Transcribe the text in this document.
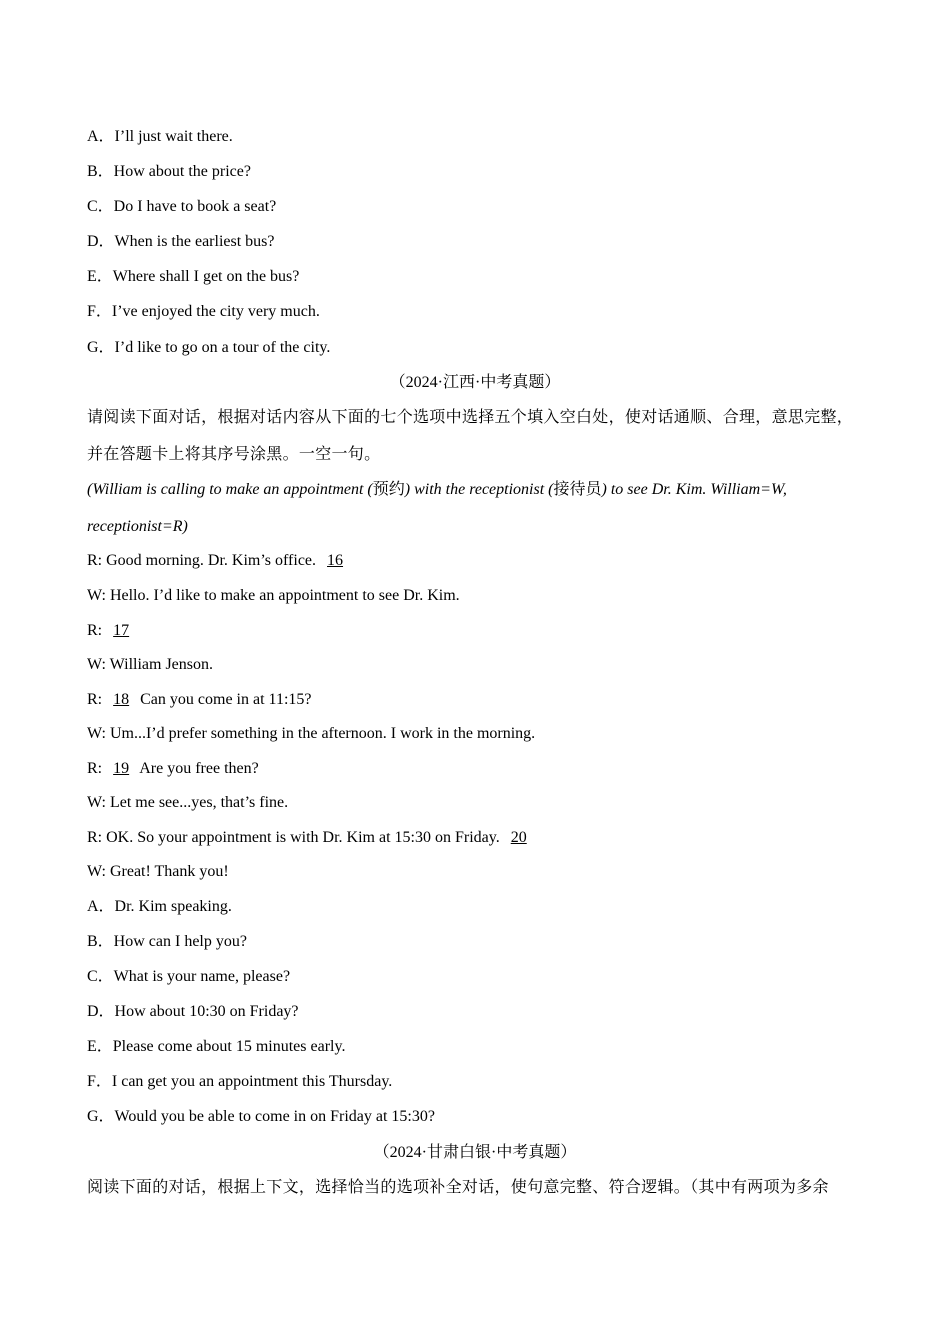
A．I’ll just wait there.
B．How about the price?
C．Do I have to book a seat?
D．When is the earliest bus?
E．Where shall I get on the bus?
F．I’ve enjoyed the city very much.
G．I’d like to go on a tour of the city.
（2024·江西·中考真题）
请阅读下面对话，根据对话内容从下面的七个选项中选择五个填入空白处，使对话通顺、合理，意思完整，
并在答题卡上将其序号涂黑。一空一句。
(William is calling to make an appointment (预约) with the receptionist (接待员) to see Dr. Kim. William=W,
receptionist=R)
R: Good morning. Dr. Kim’s office. 16
W: Hello. I’d like to make an appointment to see Dr. Kim.
R: 17
W: William Jenson.
R: 18 Can you come in at 11:15?
W: Um...I’d prefer something in the afternoon. I work in the morning.
R: 19 Are you free then?
W: Let me see...yes, that’s fine.
R: OK. So your appointment is with Dr. Kim at 15:30 on Friday. 20
W: Great! Thank you!
A．Dr. Kim speaking.
B．How can I help you?
C．What is your name, please?
D．How about 10:30 on Friday?
E．Please come about 15 minutes early.
F．I can get you an appointment this Thursday.
G．Would you be able to come in on Friday at 15:30?
（2024·甘肃白银·中考真题）
阅读下面的对话，根据上下文，选择恰当的选项补全对话，使句意完整、符合逻辑。（其中有两项为多余
